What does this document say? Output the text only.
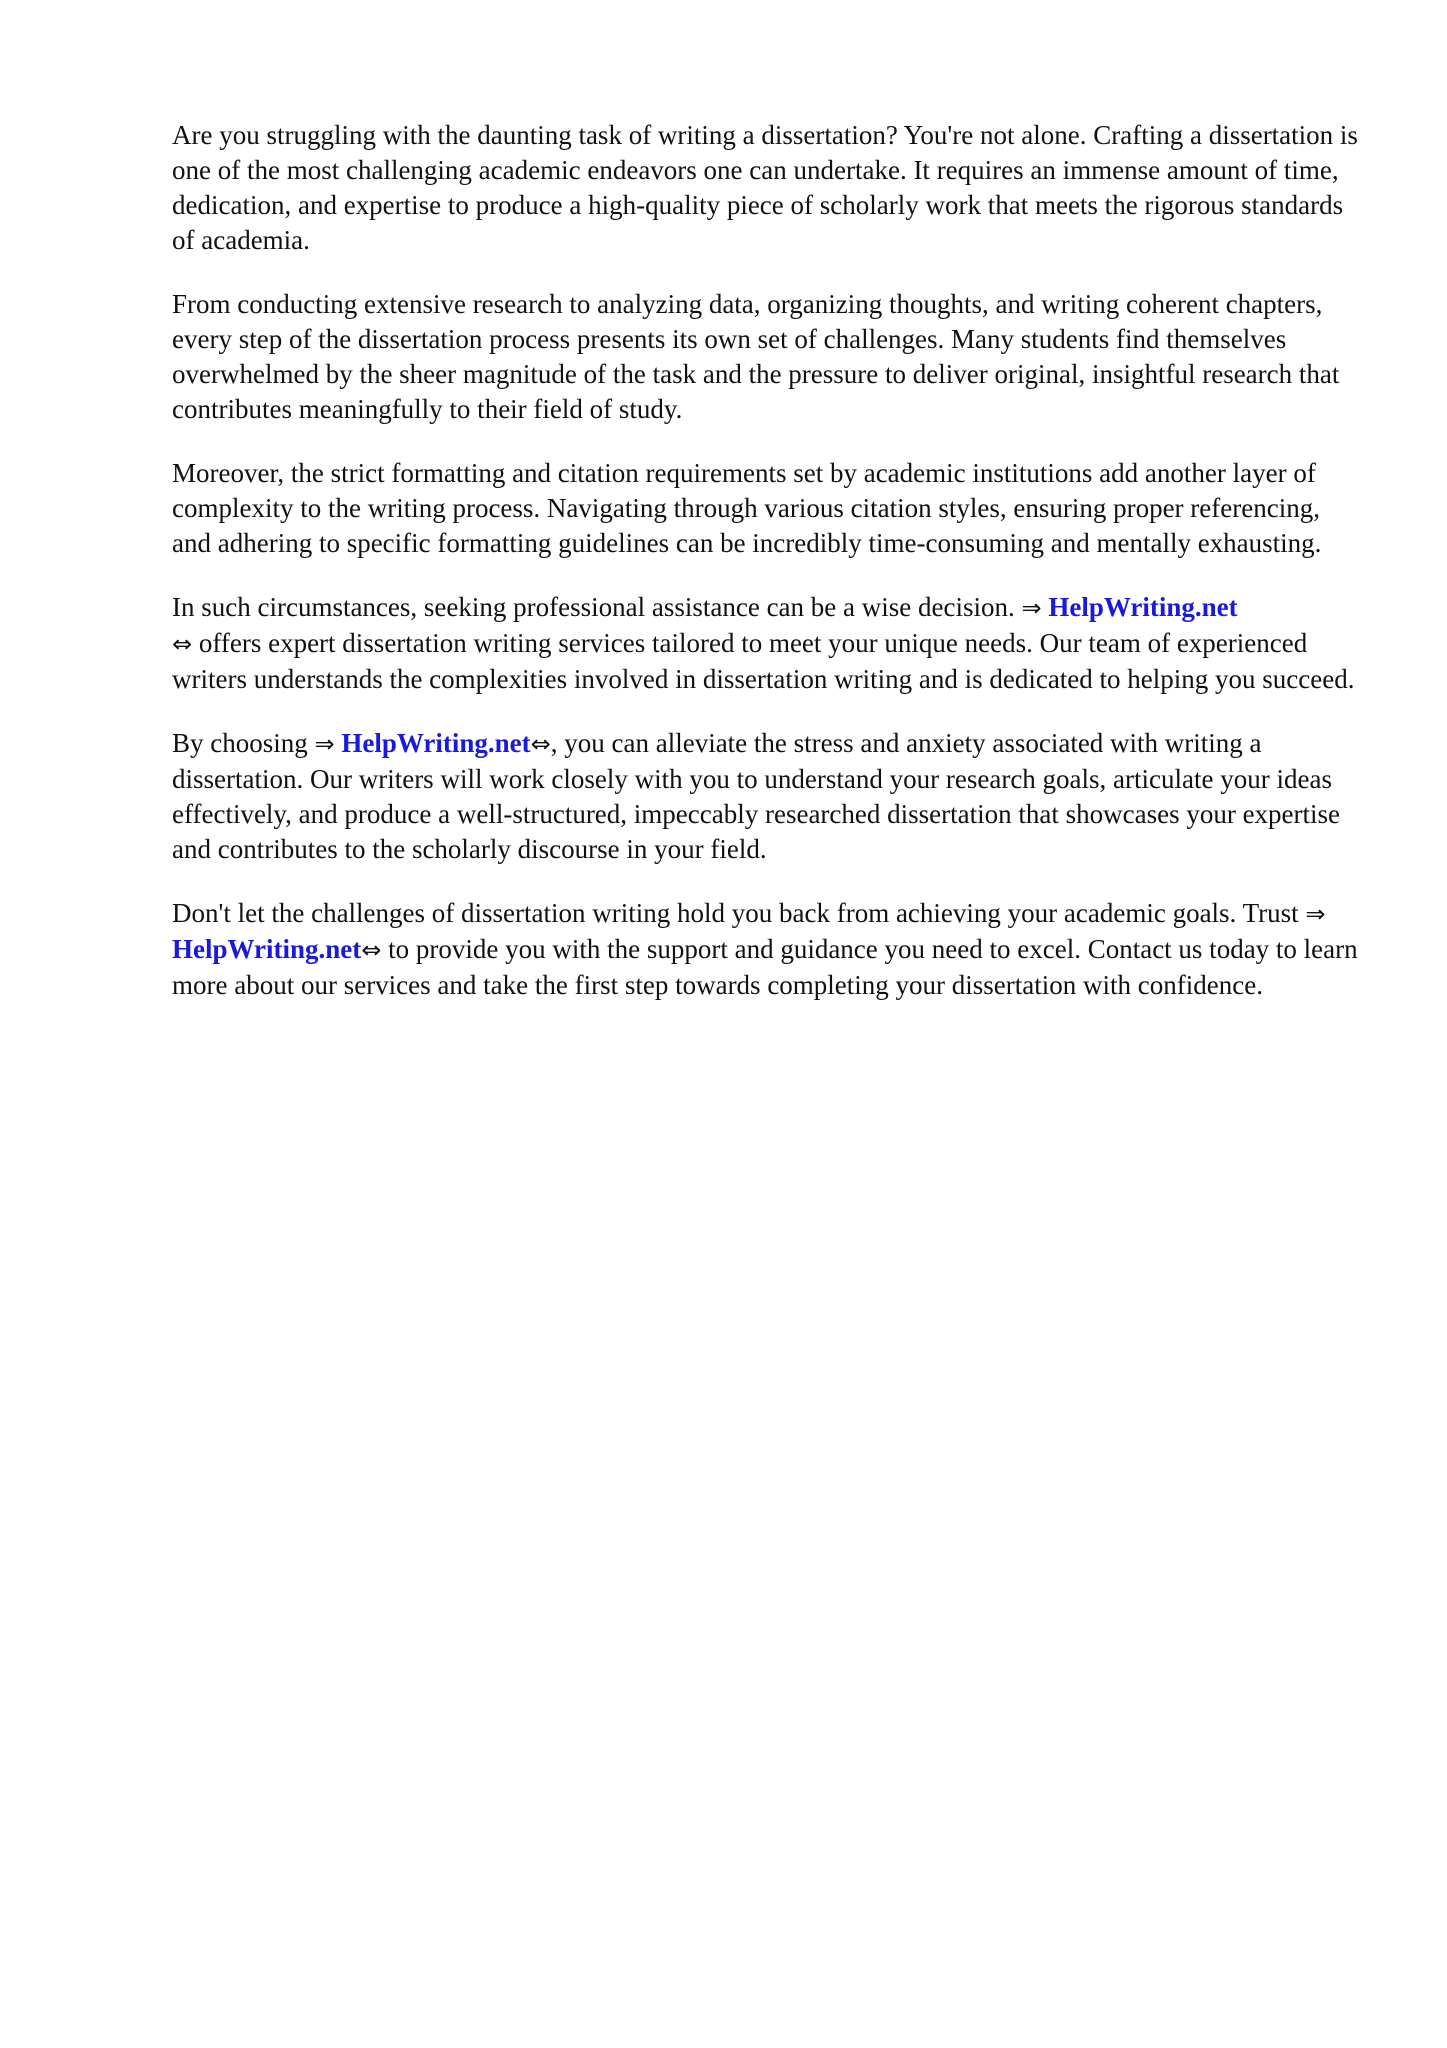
Are you struggling with the daunting task of writing a dissertation? You're not alone. Crafting a dissertation is one of the most challenging academic endeavors one can undertake. It requires an immense amount of time, dedication, and expertise to produce a high-quality piece of scholarly work that meets the rigorous standards of academia.

From conducting extensive research to analyzing data, organizing thoughts, and writing coherent chapters, every step of the dissertation process presents its own set of challenges. Many students find themselves overwhelmed by the sheer magnitude of the task and the pressure to deliver original, insightful research that contributes meaningfully to their field of study.

Moreover, the strict formatting and citation requirements set by academic institutions add another layer of complexity to the writing process. Navigating through various citation styles, ensuring proper referencing, and adhering to specific formatting guidelines can be incredibly time-consuming and mentally exhausting.

In such circumstances, seeking professional assistance can be a wise decision. ⇒ HelpWriting.net
⇔ offers expert dissertation writing services tailored to meet your unique needs. Our team of experienced writers understands the complexities involved in dissertation writing and is dedicated to helping you succeed.

By choosing ⇒ HelpWriting.net⇔, you can alleviate the stress and anxiety associated with writing a dissertation. Our writers will work closely with you to understand your research goals, articulate your ideas effectively, and produce a well-structured, impeccably researched dissertation that showcases your expertise and contributes to the scholarly discourse in your field.

Don't let the challenges of dissertation writing hold you back from achieving your academic goals. Trust ⇒ HelpWriting.net⇔ to provide you with the support and guidance you need to excel. Contact us today to learn more about our services and take the first step towards completing your dissertation with confidence.
